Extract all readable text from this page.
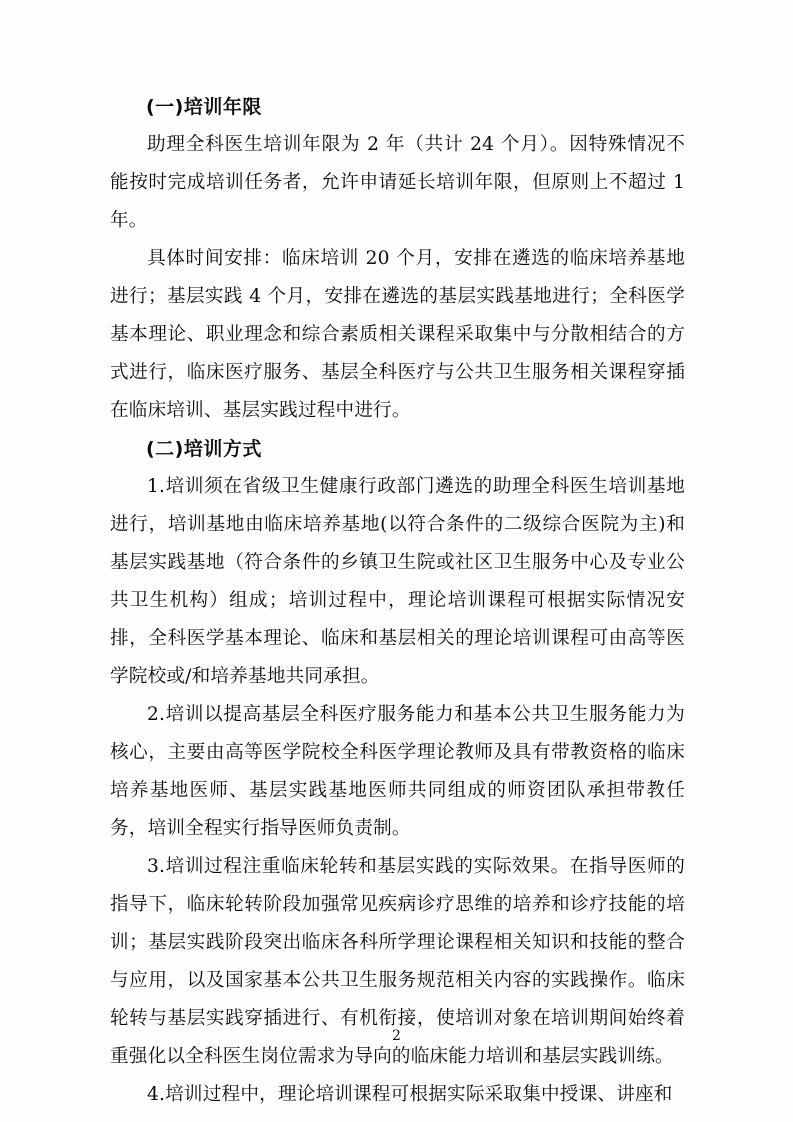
(一)培训年限

助理全科医生培训年限为 2 年（共计 24 个月）。因特殊情况不能按时完成培训任务者，允许申请延长培训年限，但原则上不超过 1 年。

具体时间安排：临床培训 20 个月，安排在遴选的临床培养基地进行；基层实践 4 个月，安排在遴选的基层实践基地进行；全科医学基本理论、职业理念和综合素质相关课程采取集中与分散相结合的方式进行，临床医疗服务、基层全科医疗与公共卫生服务相关课程穿插在临床培训、基层实践过程中进行。

(二)培训方式

1.培训须在省级卫生健康行政部门遴选的助理全科医生培训基地进行，培训基地由临床培养基地(以符合条件的二级综合医院为主)和基层实践基地（符合条件的乡镇卫生院或社区卫生服务中心及专业公共卫生机构）组成；培训过程中，理论培训课程可根据实际情况安排，全科医学基本理论、临床和基层相关的理论培训课程可由高等医学院校或/和培养基地共同承担。

2.培训以提高基层全科医疗服务能力和基本公共卫生服务能力为核心，主要由高等医学院校全科医学理论教师及具有带教资格的临床培养基地医师、基层实践基地医师共同组成的师资团队承担带教任务，培训全程实行指导医师负责制。

3.培训过程注重临床轮转和基层实践的实际效果。在指导医师的指导下，临床轮转阶段加强常见疾病诊疗思维的培养和诊疗技能的培训；基层实践阶段突出临床各科所学理论课程相关知识和技能的整合与应用，以及国家基本公共卫生服务规范相关内容的实践操作。临床轮转与基层实践穿插进行、有机衔接，使培训对象在培训期间始终着重强化以全科医生岗位需求为导向的临床能力培训和基层实践训练。

4.培训过程中，理论培训课程可根据实际采取集中授课、讲座和

2
